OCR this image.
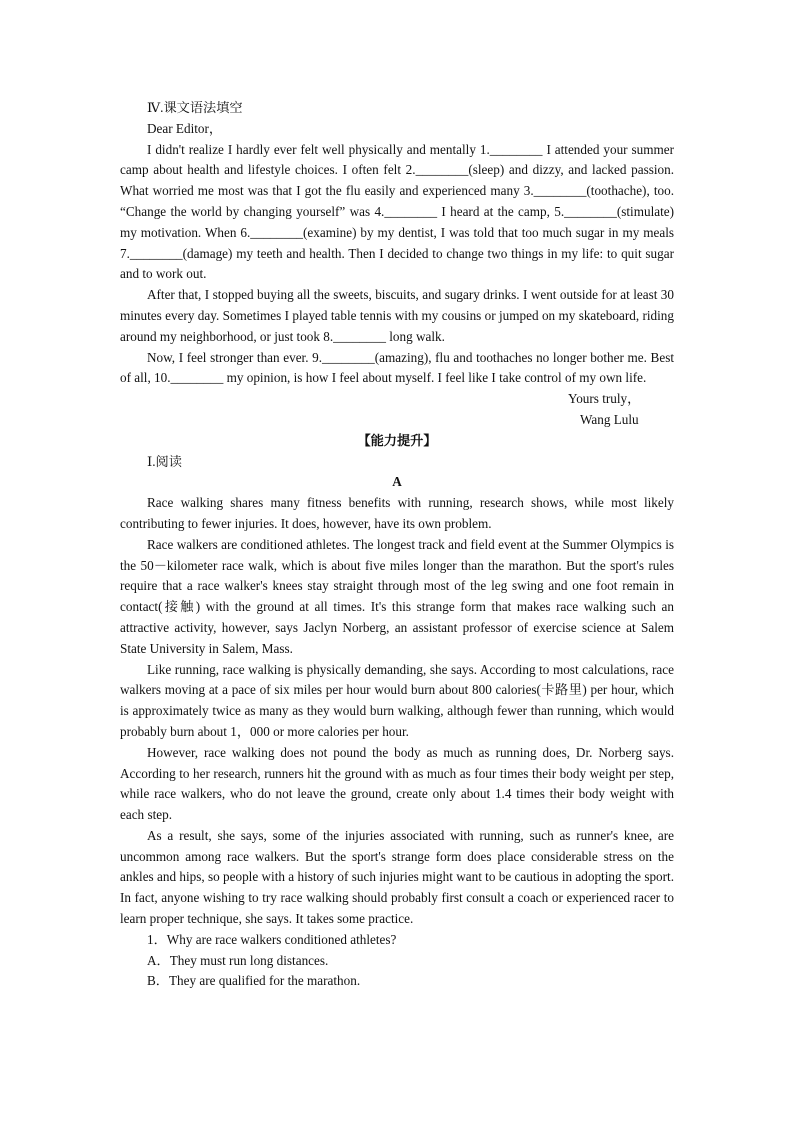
Ⅳ.课文语法填空
Dear Editor，

I didn't realize I hardly ever felt well physically and mentally 1.________ I attended your summer camp about health and lifestyle choices. I often felt 2.________(sleep) and dizzy, and lacked passion. What worried me most was that I got the flu easily and experienced many 3.________(toothache), too. “Change the world by changing yourself” was 4.________ I heard at the camp, 5.________(stimulate) my motivation. When 6.________(examine) by my dentist, I was told that too much sugar in my meals 7.________(damage) my teeth and health. Then I decided to change two things in my life: to quit sugar and to work out.

After that, I stopped buying all the sweets, biscuits, and sugary drinks. I went outside for at least 30 minutes every day. Sometimes I played table tennis with my cousins or jumped on my skateboard, riding around my neighborhood, or just took 8.________ long walk.

Now, I feel stronger than ever. 9.________(amazing), flu and toothaches no longer bother me. Best of all, 10.________ my opinion, is how I feel about myself. I feel like I take control of my own life.

Yours truly，
Wang Lulu
【能力提升】
Ⅰ.阅读
A

Race walking shares many fitness benefits with running, research shows, while most likely contributing to fewer injuries. It does, however, have its own problem.

Race walkers are conditioned athletes. The longest track and field event at the Summer Olympics is the 50－kilometer race walk, which is about five miles longer than the marathon. But the sport's rules require that a race walker's knees stay straight through most of the leg swing and one foot remain in contact(接触) with the ground at all times. It's this strange form that makes race walking such an attractive activity, however, says Jaclyn Norberg, an assistant professor of exercise science at Salem State University in Salem, Mass.

Like running, race walking is physically demanding, she says. According to most calculations, race walkers moving at a pace of six miles per hour would burn about 800 calories(卡路里) per hour, which is approximately twice as many as they would burn walking, although fewer than running, which would probably burn about 1，000 or more calories per hour.

However, race walking does not pound the body as much as running does, Dr. Norberg says. According to her research, runners hit the ground with as much as four times their body weight per step, while race walkers, who do not leave the ground, create only about 1.4 times their body weight with each step.

As a result, she says, some of the injuries associated with running, such as runner's knee, are uncommon among race walkers. But the sport's strange form does place considerable stress on the ankles and hips, so people with a history of such injuries might want to be cautious in adopting the sport. In fact, anyone wishing to try race walking should probably first consult a coach or experienced racer to learn proper technique, she says. It takes some practice.

1．Why are race walkers conditioned athletes?
A．They must run long distances.
B．They are qualified for the marathon.
